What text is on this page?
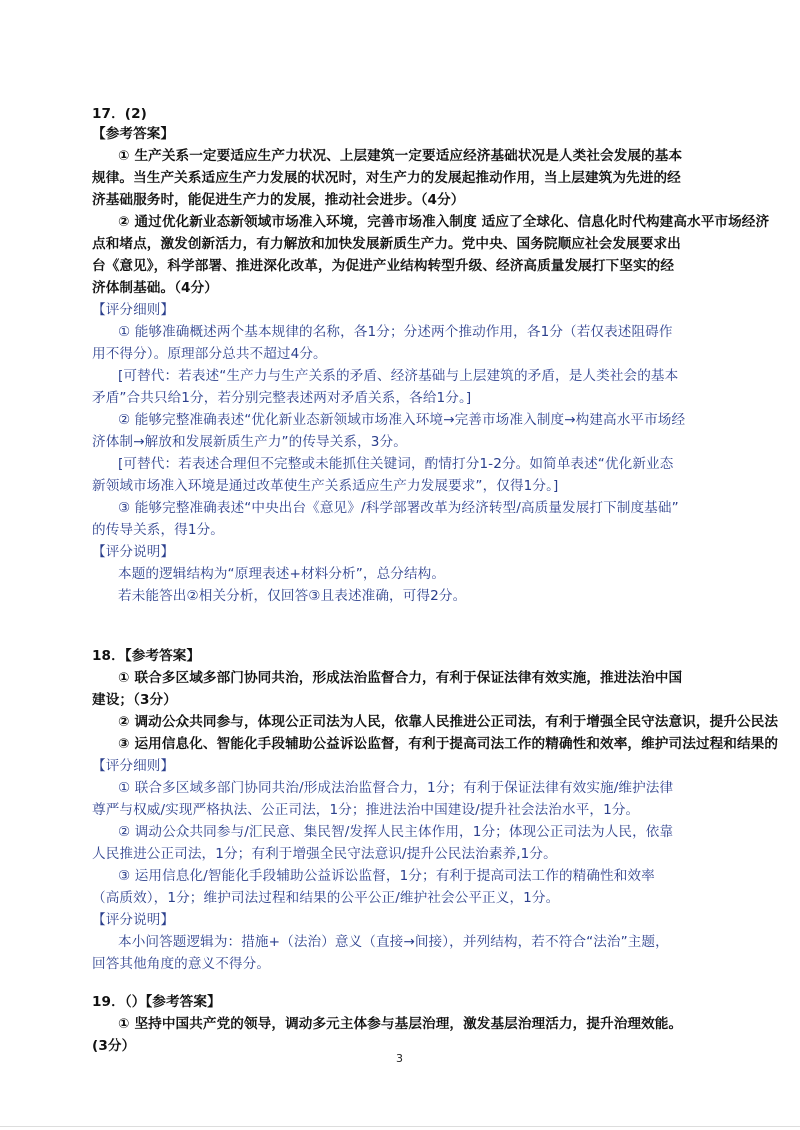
17．(2)
【参考答案】
① 生产关系一定要适应生产力状况、上层建筑一定要适应经济基础状况是人类社会发展的基本
规律。当生产关系适应生产力发展的状况时，对生产力的发展起推动作用，当上层建筑为先进的经
济基础服务时，能促进生产力的发展，推动社会进步。（4分）
② 通过优化新业态新领域市场准入环境，完善市场准入制度 适应了全球化、信息化时代构建高水平市场经济
点和堵点，激发创新活力，有力解放和加快发展新质生产力。党中央、国务院顺应社会发展要求出
台《意见》，科学部署、推进深化改革，为促进产业结构转型升级、经济高质量发展打下坚实的经
济体制基础。（4分）
【评分细则】
① 能够准确概述两个基本规律的名称，各1分；分述两个推动作用，各1分（若仅表述阻碍作
用不得分）。原理部分总共不超过4分。
[可替代：若表述“生产力与生产关系的矛盾、经济基础与上层建筑的矛盾，是人类社会的基本
矛盾”合共只给1分，若分别完整表述两对矛盾关系，各给1分。]
② 能够完整准确表述“优化新业态新领域市场准入环境→完善市场准入制度→构建高水平市场经
济体制→解放和发展新质生产力”的传导关系，3分。
[可替代：若表述合理但不完整或未能抓住关键词，酌情打分1-2分。如简单表述“优化新业态
新领域市场准入环境是通过改革使生产关系适应生产力发展要求”，仅得1分。]
③ 能够完整准确表述“中央出台《意见》/科学部署改革为经济转型/高质量发展打下制度基础”
的传导关系，得1分。
【评分说明】
本题的逻辑结构为“原理表述+材料分析”，总分结构。
若未能答出②相关分析，仅回答③且表述准确，可得2分。
18．【参考答案】
① 联合多区域多部门协同共治，形成法治监督合力，有利于保证法律有效实施，推进法治中国
建设；（3分）
② 调动公众共同参与，体现公正司法为人民，依靠人民推进公正司法，有利于增强全民守法意识，提升公民法
③ 运用信息化、智能化手段辅助公益诉讼监督，有利于提高司法工作的精确性和效率，维护司法过程和结果的
【评分细则】
① 联合多区域多部门协同共治/形成法治监督合力，1分；有利于保证法律有效实施/维护法律
尊严与权威/实现严格执法、公正司法，1分；推进法治中国建设/提升社会法治水平，1分。
② 调动公众共同参与/汇民意、集民智/发挥人民主体作用，1分；体现公正司法为人民，依靠
人民推进公正司法，1分；有利于增强全民守法意识/提升公民法治素养,1分。
③ 运用信息化/智能化手段辅助公益诉讼监督，1分；有利于提高司法工作的精确性和效率
（高质效），1分；维护司法过程和结果的公平公正/维护社会公平正义，1分。
【评分说明】
本小问答题逻辑为：措施+（法治）意义（直接→间接），并列结构，若不符合“法治”主题，
回答其他角度的意义不得分。
19．（）【参考答案】
① 坚持中国共产党的领导，调动多元主体参与基层治理，激发基层治理活力，提升治理效能。
(3分）
3
